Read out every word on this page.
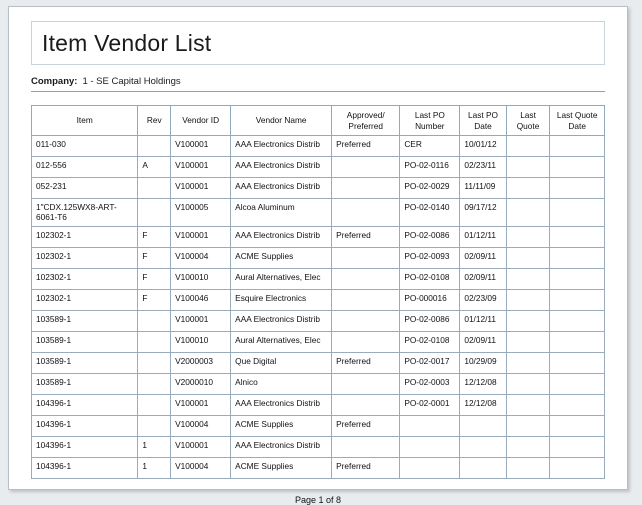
Item Vendor List
Company: 1 - SE Capital Holdings
Item	Rev	Vendor ID	Vendor Name	Approved/ Preferred	Last PO Number	Last PO Date	Last Quote	Last Quote Date
011-030		V100001	AAA Electronics Distrib	Preferred	CER	10/01/12		
012-556	A	V100001	AAA Electronics Distrib		PO-02-0116	02/23/11		
052-231		V100001	AAA Electronics Distrib		PO-02-0029	11/11/09		
1"CDX.125WX8-ART-6061-T6		V100005	Alcoa Aluminum		PO-02-0140	09/17/12		
102302-1	F	V100001	AAA Electronics Distrib	Preferred	PO-02-0086	01/12/11		
102302-1	F	V100004	ACME Supplies		PO-02-0093	02/09/11		
102302-1	F	V100010	Aural Alternatives, Elec		PO-02-0108	02/09/11		
102302-1	F	V100046	Esquire Electronics		PO-000016	02/23/09		
103589-1		V100001	AAA Electronics Distrib		PO-02-0086	01/12/11		
103589-1		V100010	Aural Alternatives, Elec		PO-02-0108	02/09/11		
103589-1		V2000003	Que Digital	Preferred	PO-02-0017	10/29/09		
103589-1		V2000010	Alnico		PO-02-0003	12/12/08		
104396-1		V100001	AAA Electronics Distrib		PO-02-0001	12/12/08		
104396-1		V100004	ACME Supplies	Preferred				
104396-1	1	V100001	AAA Electronics Distrib					
104396-1	1	V100004	ACME Supplies	Preferred				
Page 1 of 8
